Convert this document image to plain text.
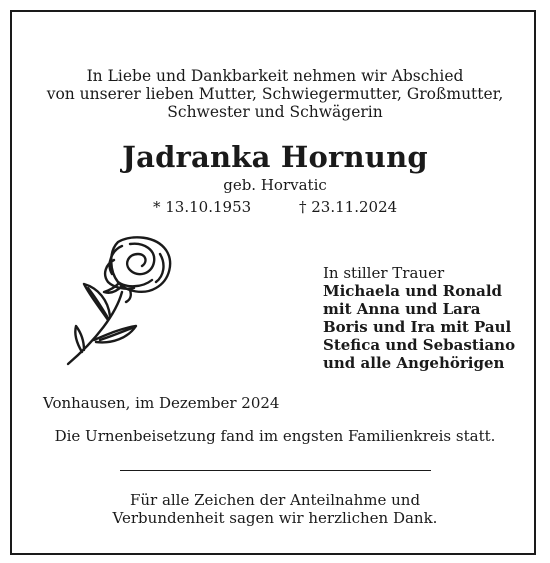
In Liebe und Dankbarkeit nehmen wir Abschied
von unserer lieben Mutter, Schwiegermutter, Großmutter,
Schwester und Schwägerin
Jadranka Hornung
geb. Horvatic
* 13.10.1953	† 23.11.2024
In stiller Trauer
Michaela und Ronald
mit Anna und Lara
Boris und Ira mit Paul
Stefica und Sebastiano
und alle Angehörigen
Vonhausen, im Dezember 2024
Die Urnenbeisetzung fand im engsten Familienkreis statt.
Für alle Zeichen der Anteilnahme und
Verbundenheit sagen wir herzlichen Dank.
